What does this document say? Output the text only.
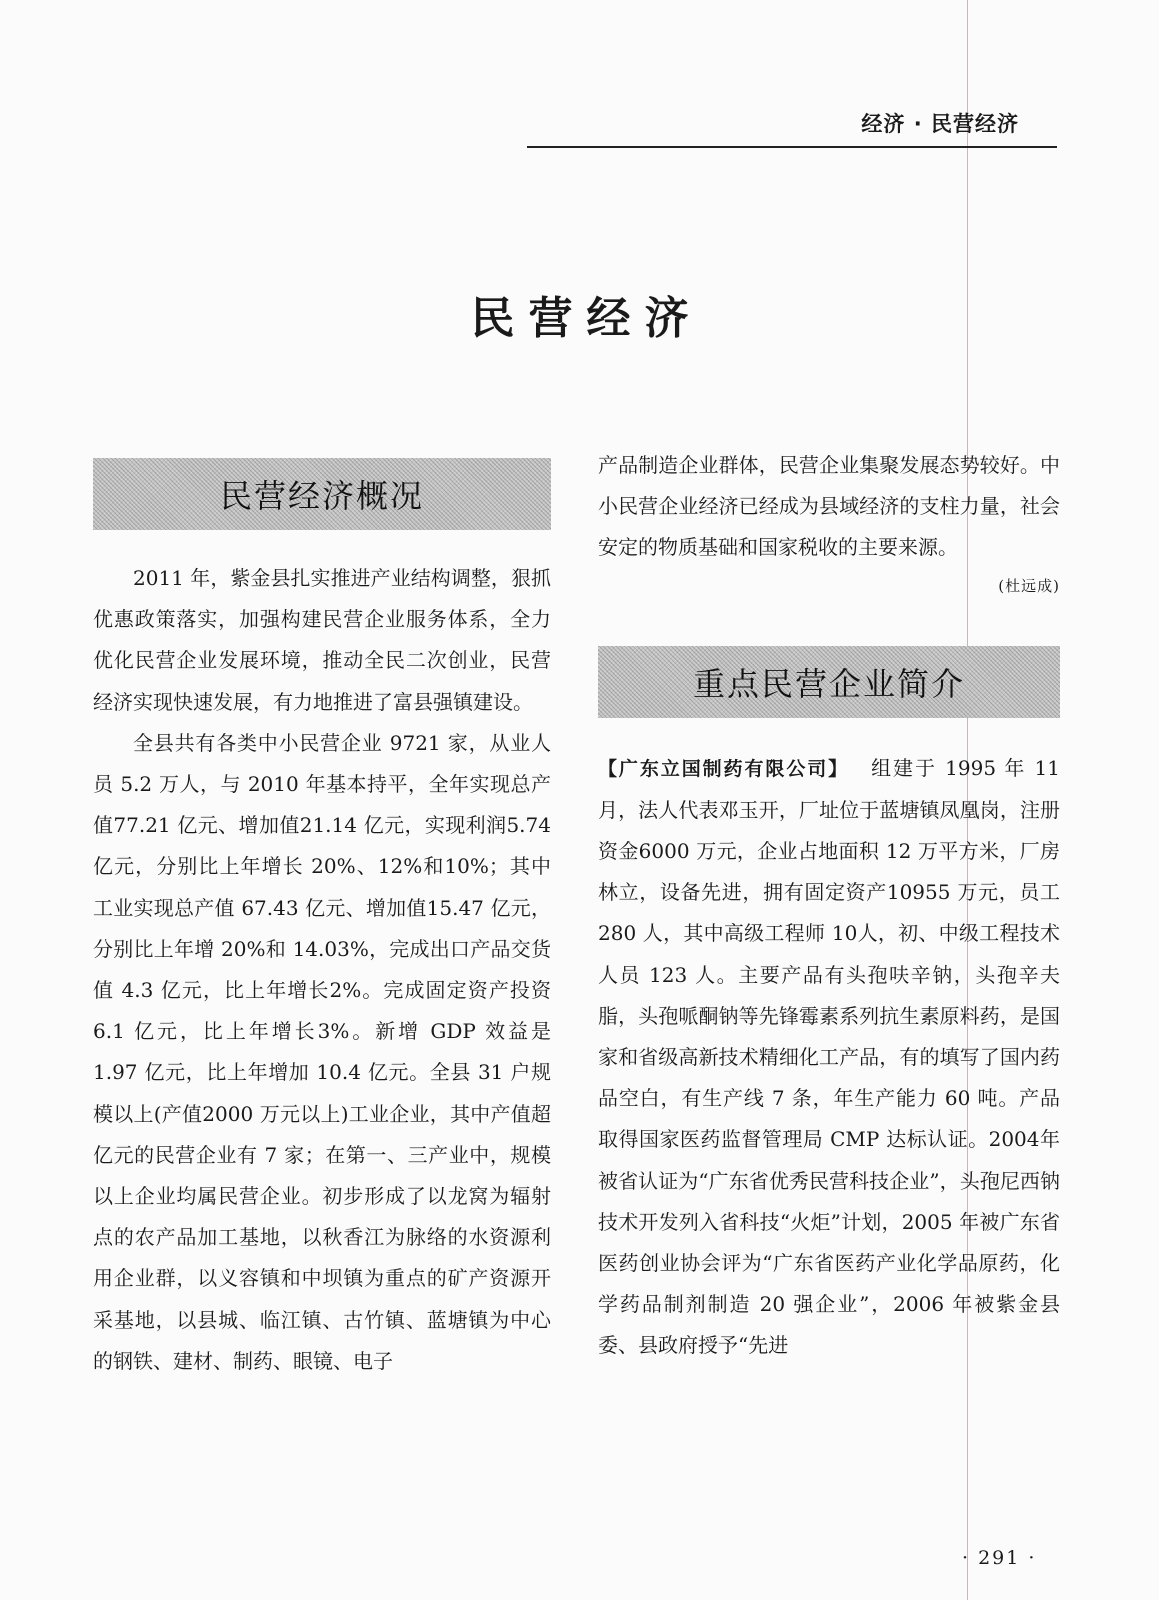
经济 · 民营经济
民营经济
民营经济概况

2011 年，紫金县扎实推进产业结构调整，狠抓优惠政策落实，加强构建民营企业服务体系，全力优化民营企业发展环境，推动全民二次创业，民营经济实现快速发展，有力地推进了富县强镇建设。

全县共有各类中小民营企业 9721 家，从业人员 5.2 万人，与 2010 年基本持平，全年实现总产值77.21 亿元、增加值21.14 亿元，实现利润5.74 亿元，分别比上年增长 20%、12%和10%；其中工业实现总产值 67.43 亿元、增加值15.47 亿元，分别比上年增 20%和 14.03%，完成出口产品交货值 4.3 亿元，比上年增长2%。完成固定资产投资 6.1 亿元，比上年增长3%。新增 GDP 效益是 1.97 亿元，比上年增加 10.4 亿元。全县 31 户规模以上(产值2000 万元以上)工业企业，其中产值超亿元的民营企业有 7 家；在第一、三产业中，规模以上企业均属民营企业。初步形成了以龙窝为辐射点的农产品加工基地，以秋香江为脉络的水资源利用企业群，以义容镇和中坝镇为重点的矿产资源开采基地，以县城、临江镇、古竹镇、蓝塘镇为中心的钢铁、建材、制药、眼镜、电子

产品制造企业群体，民营企业集聚发展态势较好。中小民营企业经济已经成为县域经济的支柱力量，社会安定的物质基础和国家税收的主要来源。

(杜远成)

重点民营企业简介

【广东立国制药有限公司】 组建于 1995 年 11 月，法人代表邓玉开，厂址位于蓝塘镇凤凰岗，注册资金6000 万元，企业占地面积 12 万平方米，厂房林立，设备先进，拥有固定资产10955 万元，员工 280 人，其中高级工程师 10人，初、中级工程技术人员 123 人。主要产品有头孢呋辛钠，头孢辛夫脂，头孢哌酮钠等先锋霉素系列抗生素原料药，是国家和省级高新技术精细化工产品，有的填写了国内药品空白，有生产线 7 条，年生产能力 60 吨。产品取得国家医药监督管理局 CMP 达标认证。2004年被省认证为“广东省优秀民营科技企业”，头孢尼西钠技术开发列入省科技“火炬”计划，2005 年被广东省医药创业协会评为“广东省医药产业化学品原药，化学药品制剂制造 20 强企业”，2006 年被紫金县委、县政府授予“先进

· 291 ·
